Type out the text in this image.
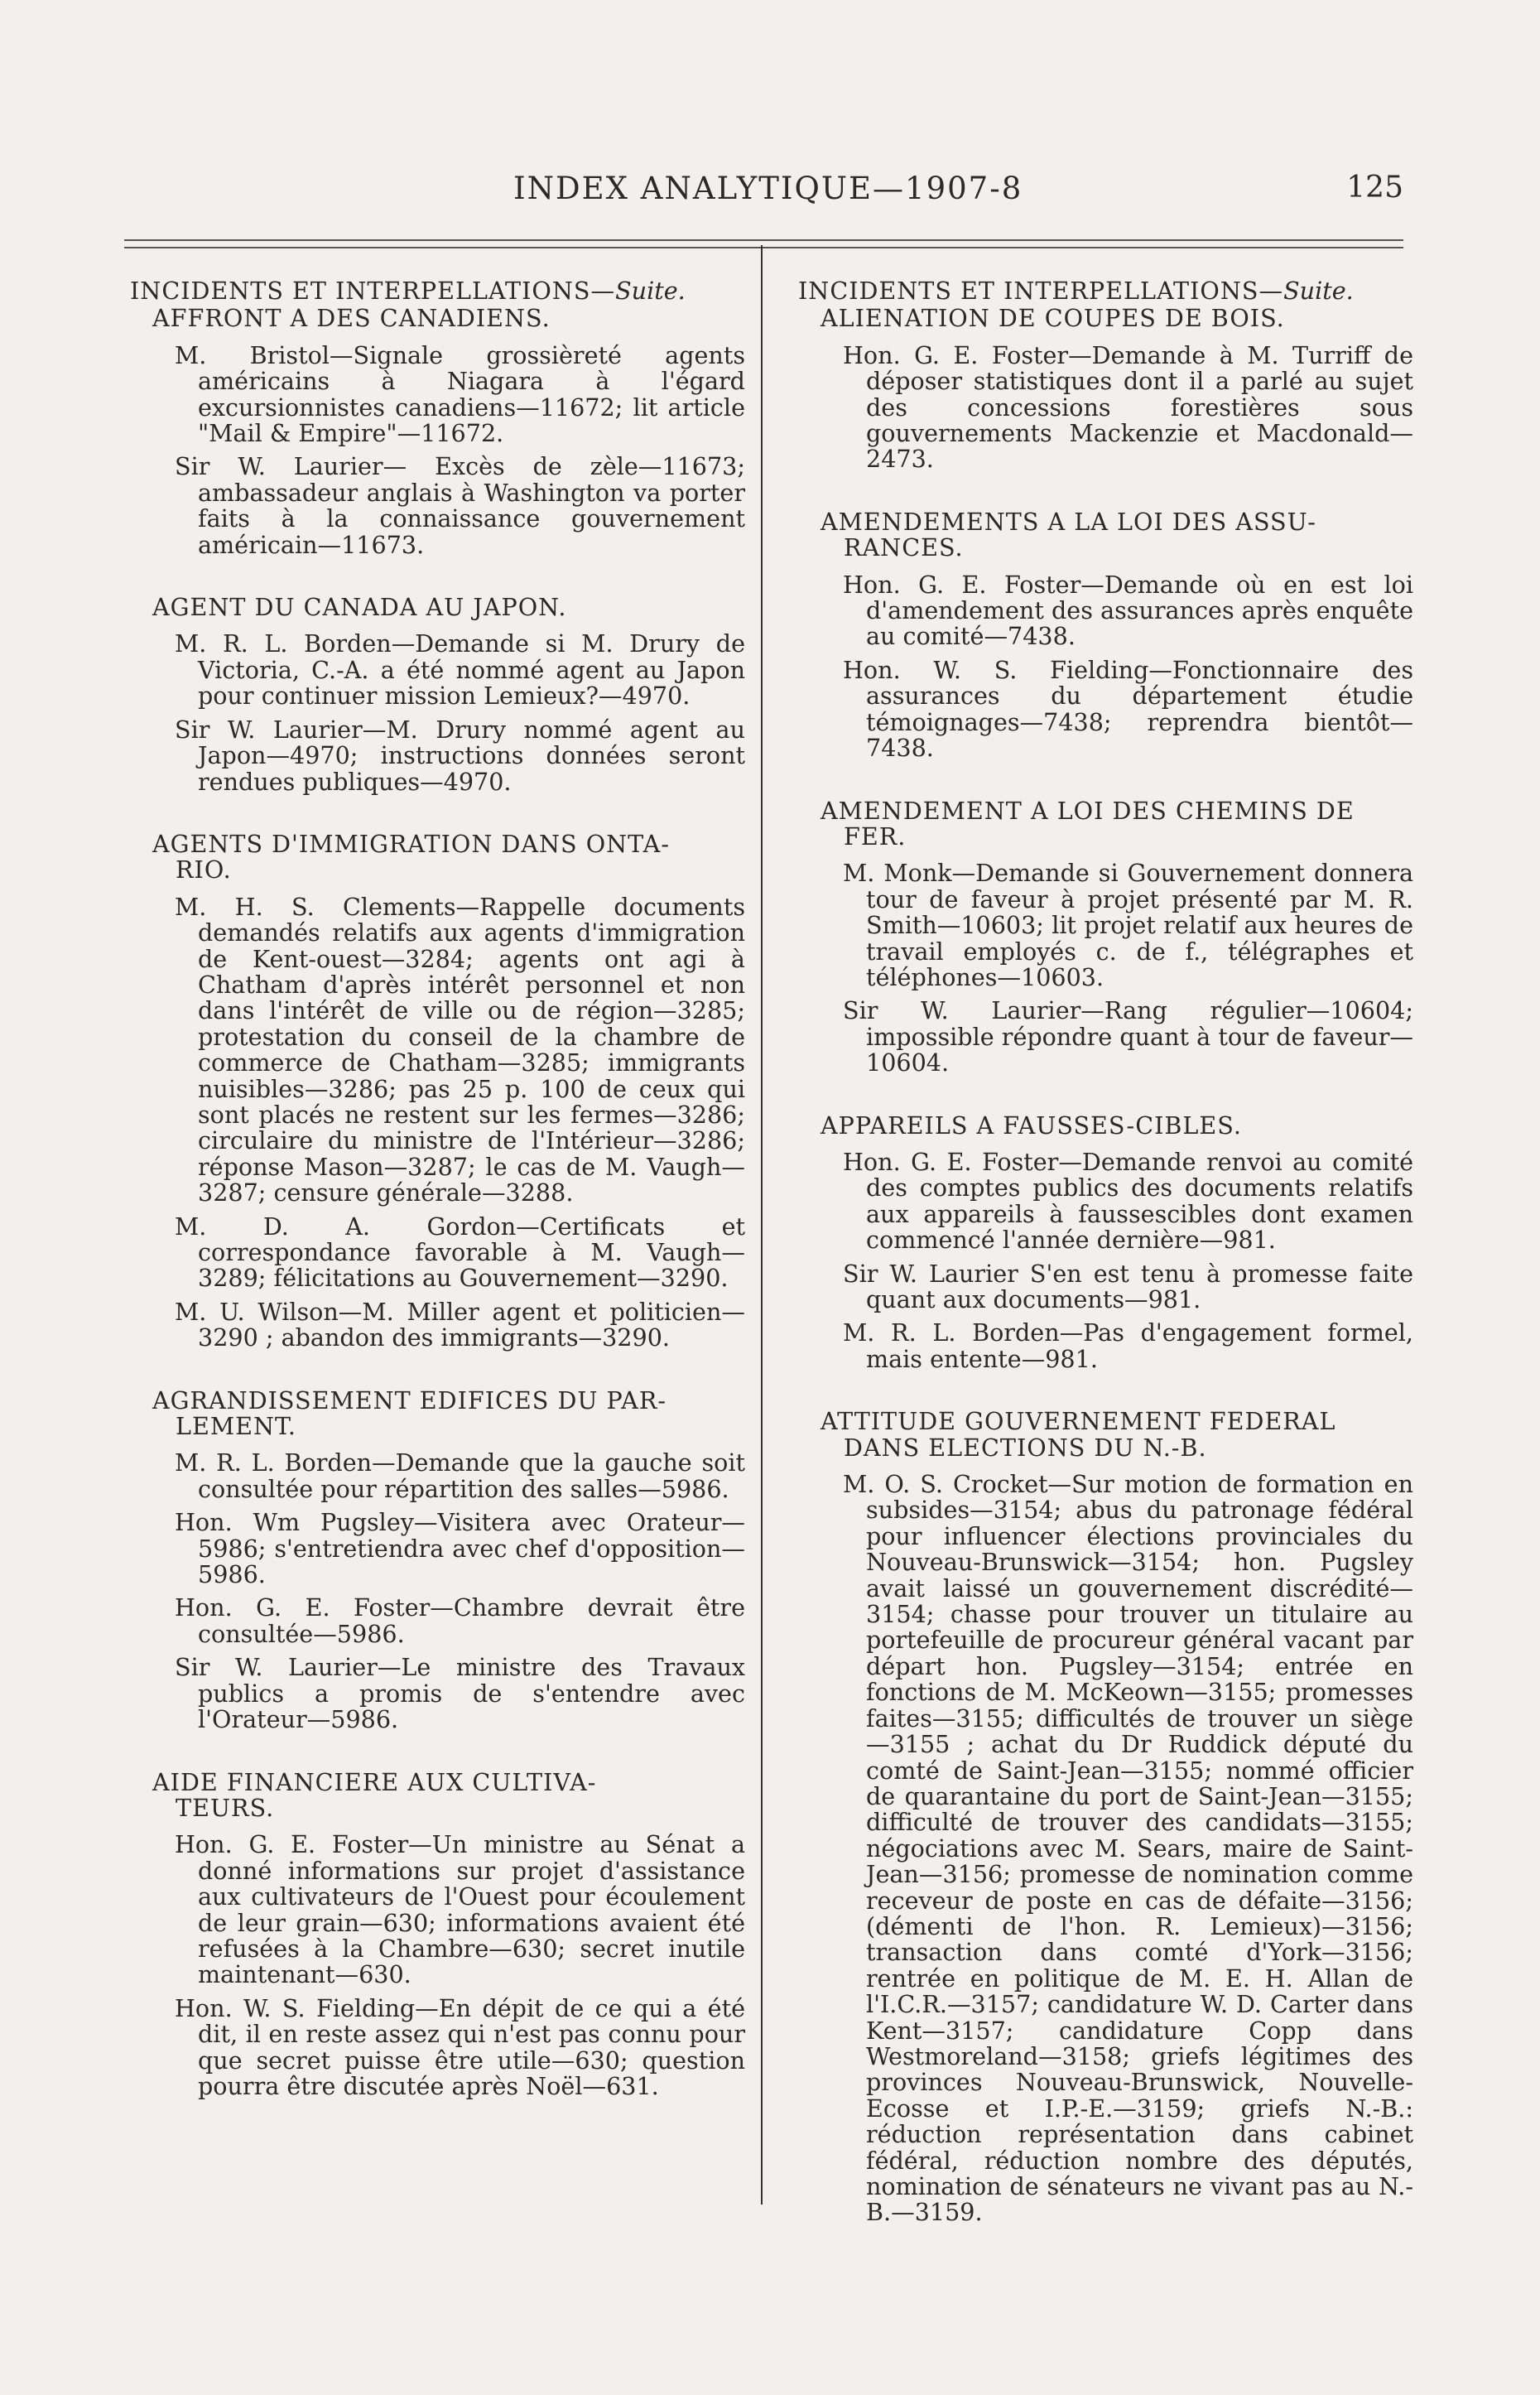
INDEX ANALYTIQUE—1907-8	125
INCIDENTS ET INTERPELLATIONS—Suite.
AFFRONT A DES CANADIENS.
M. Bristol—Signale grossièreté agents américains à Niagara à l'égard excursionnistes canadiens—11672; lit article "Mail & Empire"—11672.
Sir W. Laurier— Excès de zèle—11673; ambassadeur anglais à Washington va porter faits à la connaissance gouvernement américain—11673.
AGENT DU CANADA AU JAPON.
M. R. L. Borden—Demande si M. Drury de Victoria, C.-A. a été nommé agent au Japon pour continuer mission Lemieux?—4970.
Sir W. Laurier—M. Drury nommé agent au Japon—4970; instructions données seront rendues publiques—4970.
AGENTS D'IMMIGRATION DANS ONTA-
RIO.
M. H. S. Clements—Rappelle documents demandés relatifs aux agents d'immigration de Kent-ouest—3284; agents ont agi à Chatham d'après intérêt personnel et non dans l'intérêt de ville ou de région—3285; protestation du conseil de la chambre de commerce de Chatham—3285; immigrants nuisibles—3286; pas 25 p. 100 de ceux qui sont placés ne restent sur les fermes—3286; circulaire du ministre de l'Intérieur—3286; réponse Mason—3287; le cas de M. Vaugh—3287; censure générale—3288.
M. D. A. Gordon—Certificats et correspondance favorable à M. Vaugh—3289; félicitations au Gouvernement—3290.
M. U. Wilson—M. Miller agent et politicien—3290 ; abandon des immigrants—3290.
AGRANDISSEMENT EDIFICES DU PAR-
LEMENT.
M. R. L. Borden—Demande que la gauche soit consultée pour répartition des salles—5986.
Hon. Wm Pugsley—Visitera avec Orateur—5986; s'entretiendra avec chef d'opposition—5986.
Hon. G. E. Foster—Chambre devrait être consultée—5986.
Sir W. Laurier—Le ministre des Travaux publics a promis de s'entendre avec l'Orateur—5986.
AIDE FINANCIERE AUX CULTIVA-
TEURS.
Hon. G. E. Foster—Un ministre au Sénat a donné informations sur projet d'assistance aux cultivateurs de l'Ouest pour écoulement de leur grain—630; informations avaient été refusées à la Chambre—630; secret inutile maintenant—630.
Hon. W. S. Fielding—En dépit de ce qui a été dit, il en reste assez qui n'est pas connu pour que secret puisse être utile—630; question pourra être discutée après Noël—631.
INCIDENTS ET INTERPELLATIONS—Suite.
ALIENATION DE COUPES DE BOIS.
Hon. G. E. Foster—Demande à M. Turriff de déposer statistiques dont il a parlé au sujet des concessions forestières sous gouvernements Mackenzie et Macdonald—2473.
AMENDEMENTS A LA LOI DES ASSU-
RANCES.
Hon. G. E. Foster—Demande où en est loi d'amendement des assurances après enquête au comité—7438.
Hon. W. S. Fielding—Fonctionnaire des assurances du département étudie témoignages—7438; reprendra bientôt—7438.
AMENDEMENT A LOI DES CHEMINS DE
FER.
M. Monk—Demande si Gouvernement donnera tour de faveur à projet présenté par M. R. Smith—10603; lit projet relatif aux heures de travail employés c. de f., télégraphes et téléphones—10603.
Sir W. Laurier—Rang régulier—10604; impossible répondre quant à tour de faveur—10604.
APPAREILS A FAUSSES-CIBLES.
Hon. G. E. Foster—Demande renvoi au comité des comptes publics des documents relatifs aux appareils à faussescibles dont examen commencé l'année dernière—981.
Sir W. Laurier S'en est tenu à promesse faite quant aux documents—981.
M. R. L. Borden—Pas d'engagement formel, mais entente—981.
ATTITUDE GOUVERNEMENT FEDERAL
DANS ELECTIONS DU N.-B.
M. O. S. Crocket—Sur motion de formation en subsides—3154; abus du patronage fédéral pour influencer élections provinciales du Nouveau-Brunswick—3154; hon. Pugsley avait laissé un gouvernement discrédité—3154; chasse pour trouver un titulaire au portefeuille de procureur général vacant par départ hon. Pugsley—3154; entrée en fonctions de M. McKeown—3155; promesses faites—3155; difficultés de trouver un siège—3155 ; achat du Dr Ruddick député du comté de Saint-Jean—3155; nommé officier de quarantaine du port de Saint-Jean—3155; difficulté de trouver des candidats—3155; négociations avec M. Sears, maire de Saint-Jean—3156; promesse de nomination comme receveur de poste en cas de défaite—3156; (démenti de l'hon. R. Lemieux)—3156; transaction dans comté d'York—3156; rentrée en politique de M. E. H. Allan de l'I.C.R.—3157; candidature W. D. Carter dans Kent—3157; candidature Copp dans Westmoreland—3158; griefs légitimes des provinces Nouveau-Brunswick, Nouvelle-Ecosse et I.P.-E.—3159; griefs N.-B.: réduction représentation dans cabinet fédéral, réduction nombre des députés, nomination de sénateurs ne vivant pas au N.-B.—3159.
